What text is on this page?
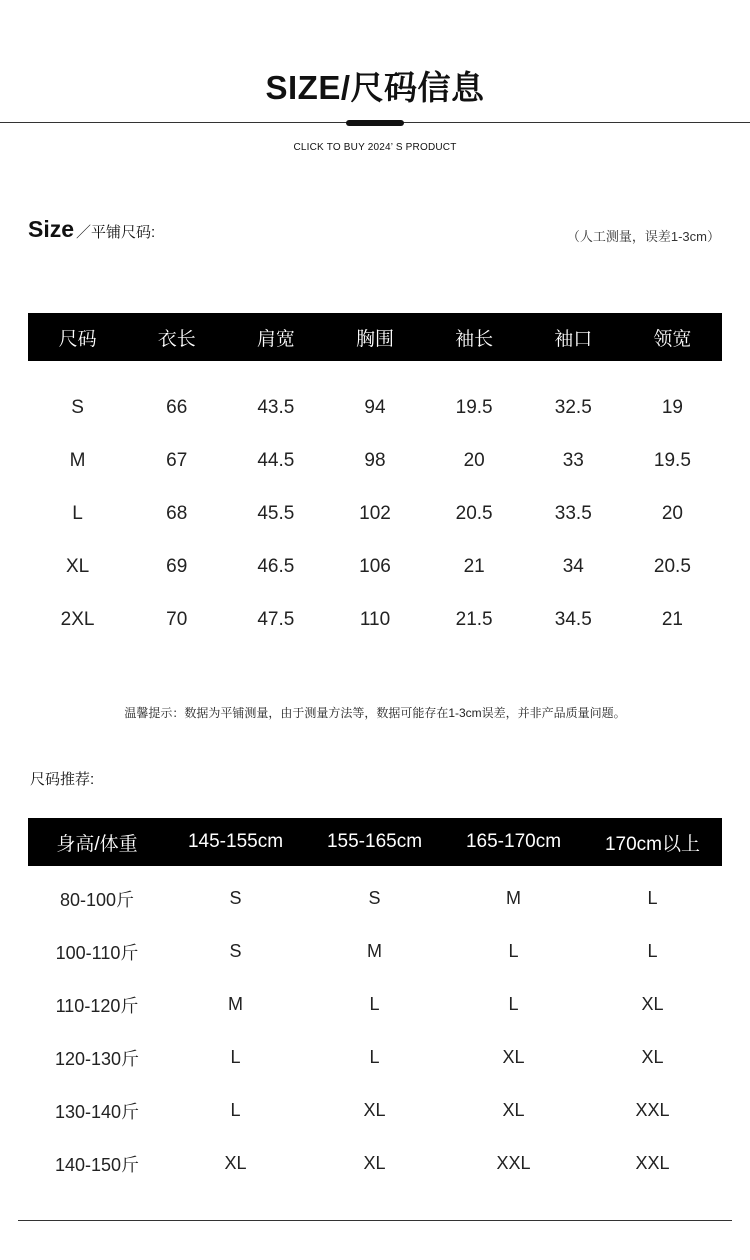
SIZE/尺码信息
CLICK TO BUY 2024’ S PRODUCT
Size ／平铺尺码:	（人工测量，误差1-3cm）
尺码	衣长	肩宽	胸围	袖长	袖口	领宽

S	66	43.5	94	19.5	32.5	19
M	67	44.5	98	20	33	19.5
L	68	45.5	102	20.5	33.5	20
XL	69	46.5	106	21	34	20.5
2XL	70	47.5	110	21.5	34.5	21
温馨提示：数据为平铺测量，由于测量方法等，数据可能存在1-3cm误差，并非产品质量问题。
尺码推荐:
身高/体重	145-155cm	155-165cm	165-170cm	170cm以上

80-100斤	S	S	M	L
100-110斤	S	M	L	L
110-120斤	M	L	L	XL
120-130斤	L	L	XL	XL
130-140斤	L	XL	XL	XXL
140-150斤	XL	XL	XXL	XXL
